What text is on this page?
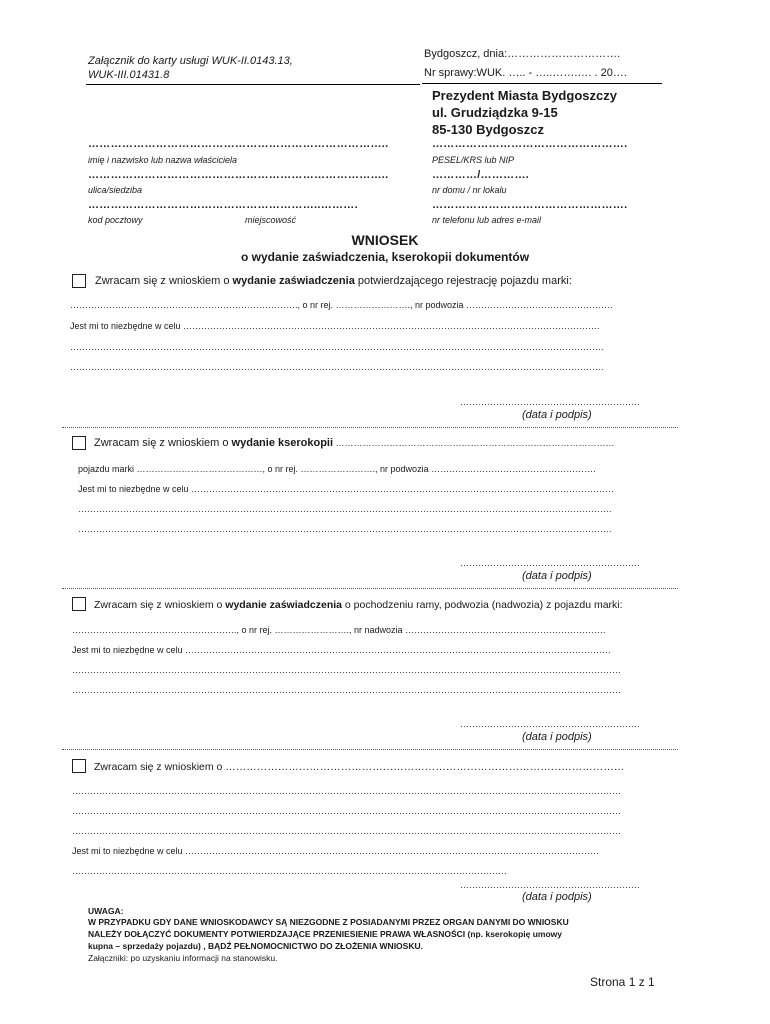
Załącznik do karty usługi WUK-II.0143.13,
WUK-III.01431.8
Bydgoszcz, dnia:………………………….
Nr sprawy:WUK. ….. - …..…….…. . 20….
Prezydent Miasta Bydgoszczy
ul. Grudziądzka 9-15
85-130 Bydgoszcz
……………………………………………………………………..
imię i nazwisko lub nazwa właściciela
…………………………………………….
PESEL/KRS lub NIP
……………………………………………………………………..
ulica/siedziba
…………/………….
nr domu / nr lokalu
……………………………………………………..……….
kod pocztowy	miejscowość
…………………………………………….
nr telefonu lub adres e-mail
WNIOSEK
o wydanie zaświadczenia, kserokopii dokumentów
Zwracam się z wnioskiem o wydanie zaświadczenia potwierdzającego rejestrację pojazdu marki:
…………………………………………………………………., o nr rej. ……………………., nr podwozia ………………………………………….
Jest mi to niezbędne w celu ………………………………………………………………………………………………………………………….
…………………………………………………………………………………………………………………………………………………………….
…………………………………………………………………………………………………………………………………………………………….
……………………………………………………
(data i podpis)
Zwracam się z wnioskiem o wydanie kserokopii …………………………………………………………………………………
pojazdu marki ……………………………………, o nr rej. ……………………., nr podwozia ……………………………………………….
Jest mi to niezbędne w celu ……………………………………………………………………………………………………………………………
…………………………………………………………………………………………………………………………………………………………….
…………………………………………………………………………………………………………………………………………………………….
……………………………………………………
(data i podpis)
Zwracam się z wnioskiem o wydanie zaświadczenia o pochodzeniu ramy, podwozia (nadwozia) z pojazdu marki:
………………………………………………., o nr rej. ……………………., nr nadwozia ………………………………………………………….
Jest mi to niezbędne w celu …………………………………………………………………………………………………………………………….
…………………………………………………………………………………………………………………………………………………………………
…………………………………………………………………………………………………………………………………………………………………
……………………………………………………
(data i podpis)
Zwracam się z wnioskiem o ……………………………………………………………………………………………………
…………………………………………………………………………………………………………………………………………………………………
…………………………………………………………………………………………………………………………………………………………………
…………………………………………………………………………………………………………………………………………………………………
Jest mi to niezbędne w celu …………………………………………………………………………………………………………………………
……………………………………………………………………………………………………………………………….
……………………………………………………
(data i podpis)
UWAGA:
W PRZYPADKU GDY DANE WNIOSKODAWCY SĄ NIEZGODNE Z POSIADANYMI PRZEZ ORGAN DANYMI DO WNIOSKU
NALEŻY DOŁĄCZYĆ DOKUMENTY POTWIERDZAJĄCE PRZENIESIENIE PRAWA WŁASNOŚCI (np. kserokopię umowy
kupna – sprzedaży pojazdu) , BĄDŹ PEŁNOMOCNICTWO DO ZŁOŻENIA WNIOSKU.
Załączniki: po uzyskaniu informacji na stanowisku.
Strona 1 z 1
